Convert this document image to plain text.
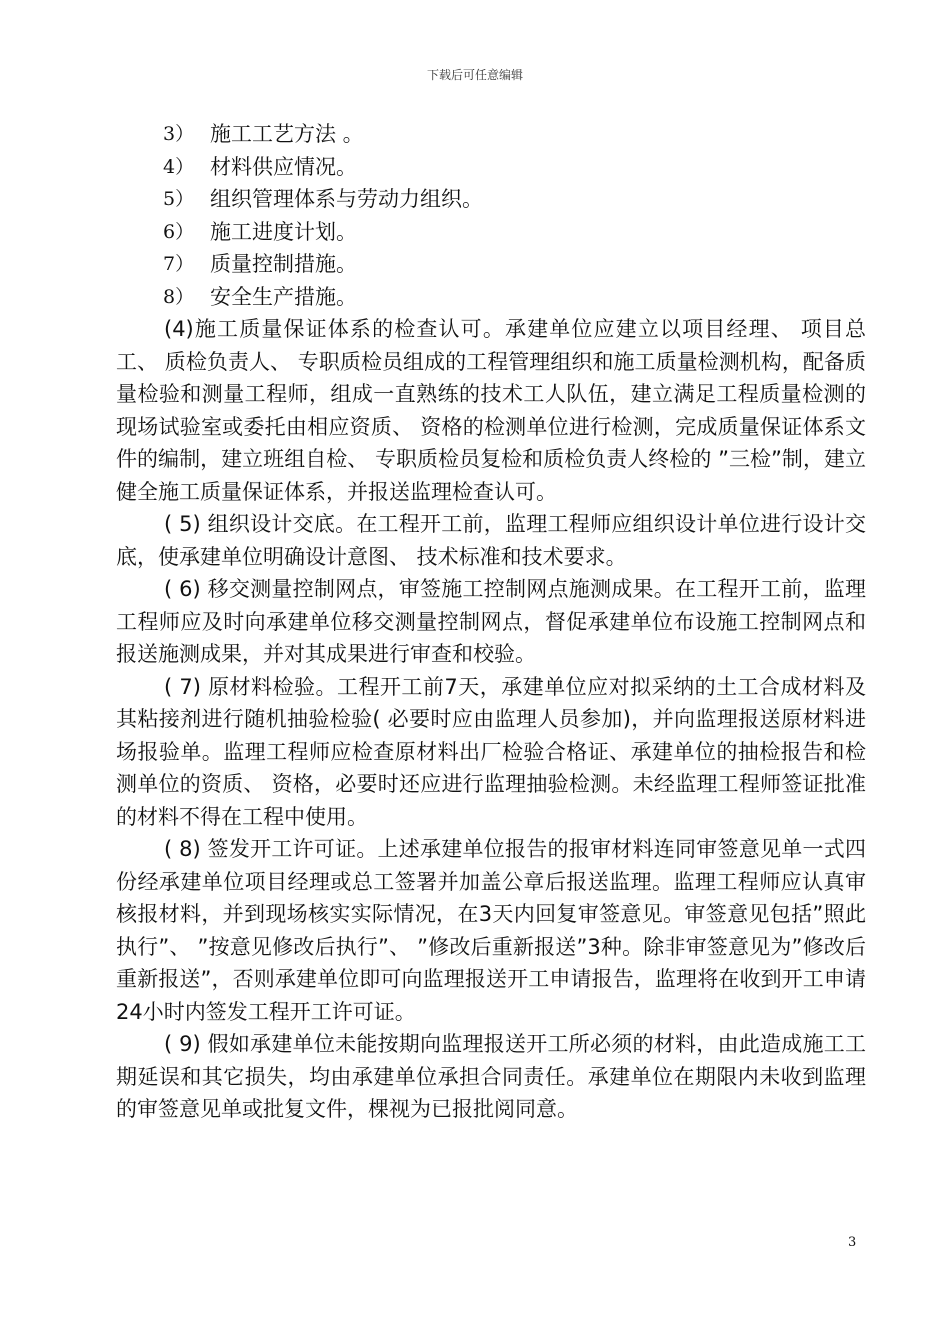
下载后可任意编辑
3） 施工工艺方法 。
4） 材料供应情况。
5） 组织管理体系与劳动力组织。
6） 施工进度计划。
7） 质量控制措施。
8） 安全生产措施。

(4)施工质量保证体系的检查认可。承建单位应建立以项目经理、 项目总工、 质检负责人、 专职质检员组成的工程管理组织和施工质量检测机构，配备质量检验和测量工程师，组成一直熟练的技术工人队伍，建立满足工程质量检测的现场试验室或委托由相应资质、 资格的检测单位进行检测，完成质量保证体系文件的编制，建立班组自检、 专职质检员复检和质检负责人终检的 ”三检”制，建立健全施工质量保证体系，并报送监理检查认可。

( 5) 组织设计交底。在工程开工前，监理工程师应组织设计单位进行设计交底，使承建单位明确设计意图、 技术标准和技术要求。

( 6) 移交测量控制网点，审签施工控制网点施测成果。在工程开工前，监理工程师应及时向承建单位移交测量控制网点，督促承建单位布设施工控制网点和报送施测成果，并对其成果进行审查和校验。

( 7) 原材料检验。工程开工前7天，承建单位应对拟采纳的土工合成材料及其粘接剂进行随机抽验检验( 必要时应由监理人员参加)，并向监理报送原材料进场报验单。监理工程师应检查原材料出厂检验合格证、承建单位的抽检报告和检测单位的资质、 资格，必要时还应进行监理抽验检测。未经监理工程师签证批准的材料不得在工程中使用。

( 8) 签发开工许可证。上述承建单位报告的报审材料连同审签意见单一式四份经承建单位项目经理或总工签署并加盖公章后报送监理。监理工程师应认真审核报材料，并到现场核实实际情况，在3天内回复审签意见。审签意见包括”照此执行”、 ”按意见修改后执行”、 ”修改后重新报送”3种。除非审签意见为”修改后重新报送”，否则承建单位即可向监理报送开工申请报告，监理将在收到开工申请24小时内签发工程开工许可证。

( 9) 假如承建单位未能按期向监理报送开工所必须的材料，由此造成施工工期延误和其它损失，均由承建单位承担合同责任。承建单位在期限内未收到监理的审签意见单或批复文件，棵视为已报批阅同意。

3
